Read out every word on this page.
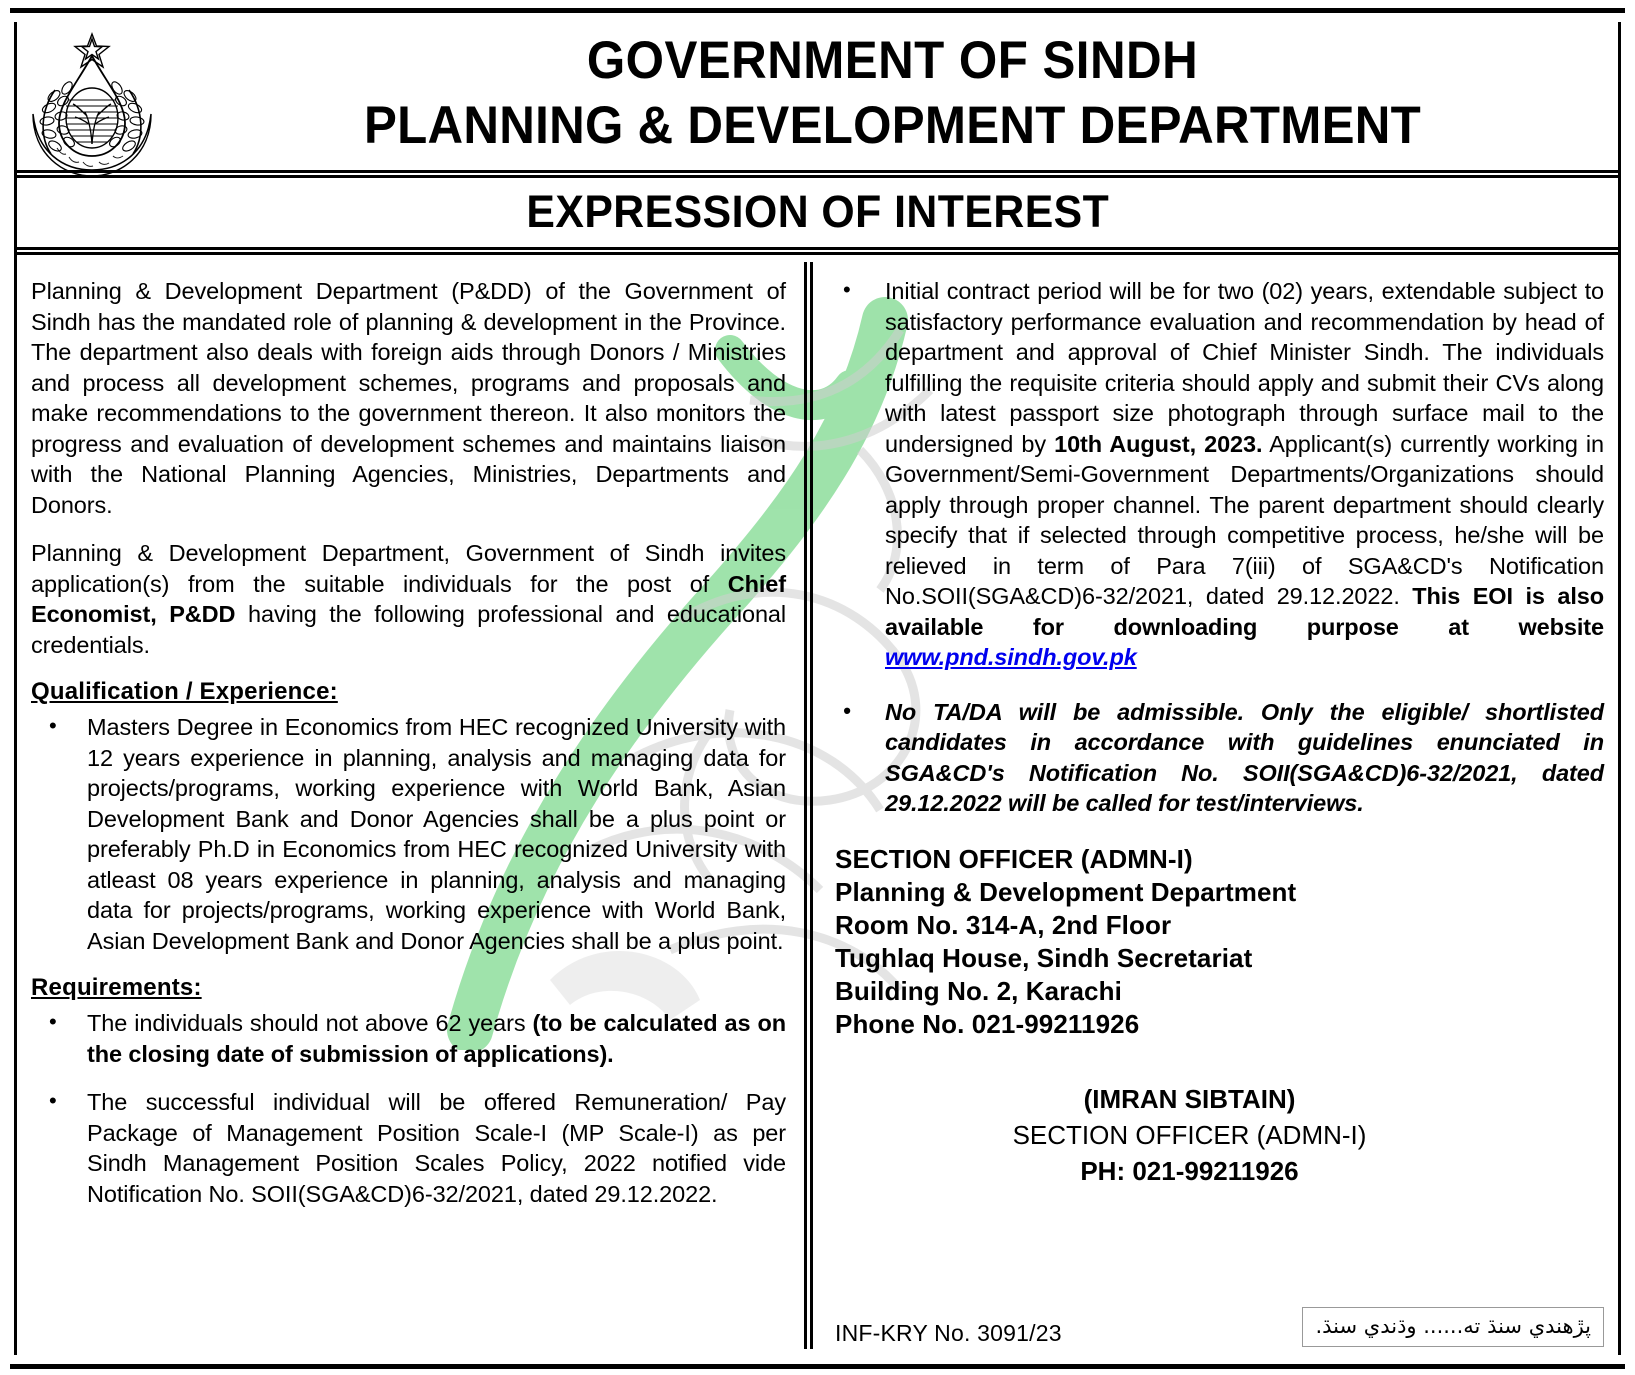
GOVERNMENT OF SINDH
PLANNING & DEVELOPMENT DEPARTMENT
EXPRESSION OF INTEREST

Planning & Development Department (P&DD) of the Government of Sindh has the mandated role of planning & development in the Province. The department also deals with foreign aids through Donors / Ministries and process all development schemes, programs and proposals and make recommendations to the government thereon. It also monitors the progress and evaluation of development schemes and maintains liaison with the National Planning Agencies, Ministries, Departments and Donors.

Planning & Development Department, Government of Sindh invites application(s) from the suitable individuals for the post of Chief Economist, P&DD having the following professional and educational credentials.

Qualification / Experience:
• Masters Degree in Economics from HEC recognized University with 12 years experience in planning, analysis and managing data for projects/programs, working experience with World Bank, Asian Development Bank and Donor Agencies shall be a plus point or preferably Ph.D in Economics from HEC recognized University with atleast 08 years experience in planning, analysis and managing data for projects/programs, working experience with World Bank, Asian Development Bank and Donor Agencies shall be a plus point.
Requirements:
• The individuals should not above 62 years (to be calculated as on the closing date of submission of applications).
• The successful individual will be offered Remuneration/ Pay Package of Management Position Scale-I (MP Scale-I) as per Sindh Management Position Scales Policy, 2022 notified vide Notification No. SOII(SGA&CD)6-32/2021, dated 29.12.2022.
• Initial contract period will be for two (02) years, extendable subject to satisfactory performance evaluation and recommendation by head of department and approval of Chief Minister Sindh. The individuals fulfilling the requisite criteria should apply and submit their CVs along with latest passport size photograph through surface mail to the undersigned by 10th August, 2023. Applicant(s) currently working in Government/Semi-Government Departments/Organizations should apply through proper channel. The parent department should clearly specify that if selected through competitive process, he/she will be relieved in term of Para 7(iii) of SGA&CD's Notification No.SOII(SGA&CD)6-32/2021, dated 29.12.2022. This EOI is also available for downloading purpose at website www.pnd.sindh.gov.pk
• No TA/DA will be admissible. Only the eligible/ shortlisted candidates in accordance with guidelines enunciated in SGA&CD's Notification No. SOII(SGA&CD)6-32/2021, dated 29.12.2022 will be called for test/interviews.
SECTION OFFICER (ADMN-I)
Planning & Development Department
Room No. 314-A, 2nd Floor
Tughlaq House, Sindh Secretariat
Building No. 2, Karachi
Phone No. 021-99211926
(IMRAN SIBTAIN)
SECTION OFFICER (ADMN-I)
PH: 021-99211926
INF-KRY No. 3091/23	پڙهندي سنڌ ته...... وڌندي سنڌ.
